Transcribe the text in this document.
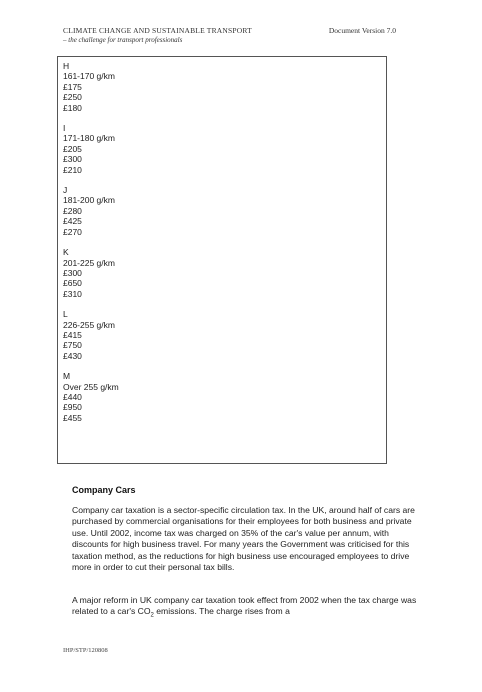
CLIMATE CHANGE AND SUSTAINABLE TRANSPORT
– the challenge for transport professionals
Document Version 7.0
H
161-170 g/km
£175
£250
£180
I
171-180 g/km
£205
£300
£210
J
181-200 g/km
£280
£425
£270
K
201-225 g/km
£300
£650
£310
L
226-255 g/km
£415
£750
£430
M
Over 255 g/km
£440
£950
£455
Company Cars

Company car taxation is a sector-specific circulation tax. In the UK, around half of cars are purchased by commercial organisations for their employees for both business and private use. Until 2002, income tax was charged on 35% of the car's value per annum, with discounts for high business travel. For many years the Government was criticised for this taxation method, as the reductions for high business use encouraged employees to drive more in order to cut their personal tax bills.

A major reform in UK company car taxation took effect from 2002 when the tax charge was related to a car's $CO_2$ emissions. The charge rises from a

IHP/STP/120808
